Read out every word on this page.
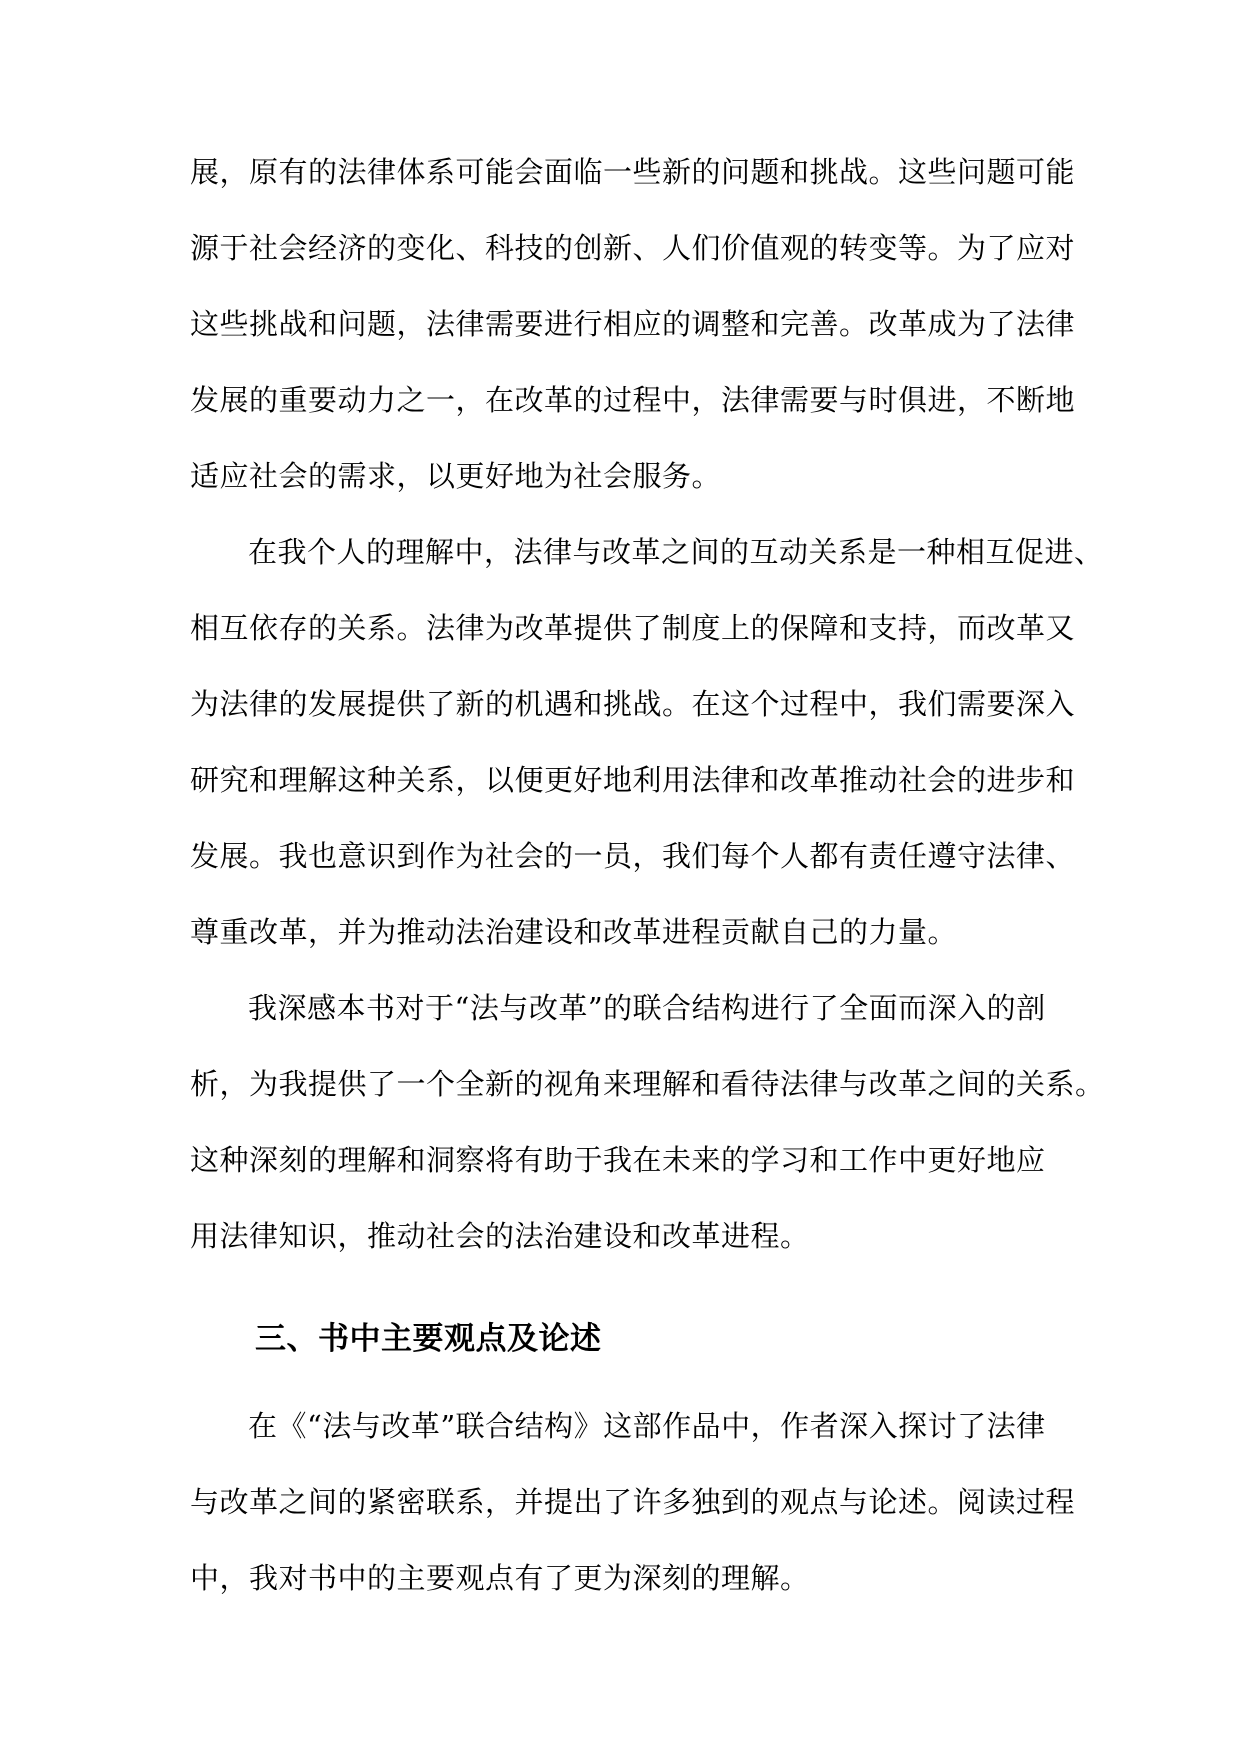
展，原有的法律体系可能会面临一些新的问题和挑战。这些问题可能
源于社会经济的变化、科技的创新、人们价值观的转变等。为了应对
这些挑战和问题，法律需要进行相应的调整和完善。改革成为了法律
发展的重要动力之一，在改革的过程中，法律需要与时俱进，不断地
适应社会的需求，以更好地为社会服务。
在我个人的理解中，法律与改革之间的互动关系是一种相互促进、
相互依存的关系。法律为改革提供了制度上的保障和支持，而改革又
为法律的发展提供了新的机遇和挑战。在这个过程中，我们需要深入
研究和理解这种关系，以便更好地利用法律和改革推动社会的进步和
发展。我也意识到作为社会的一员，我们每个人都有责任遵守法律、
尊重改革，并为推动法治建设和改革进程贡献自己的力量。
我深感本书对于“法与改革”的联合结构进行了全面而深入的剖
析，为我提供了一个全新的视角来理解和看待法律与改革之间的关系。
这种深刻的理解和洞察将有助于我在未来的学习和工作中更好地应
用法律知识，推动社会的法治建设和改革进程。
三、书中主要观点及论述
在《“法与改革”联合结构》这部作品中，作者深入探讨了法律
与改革之间的紧密联系，并提出了许多独到的观点与论述。阅读过程
中，我对书中的主要观点有了更为深刻的理解。
